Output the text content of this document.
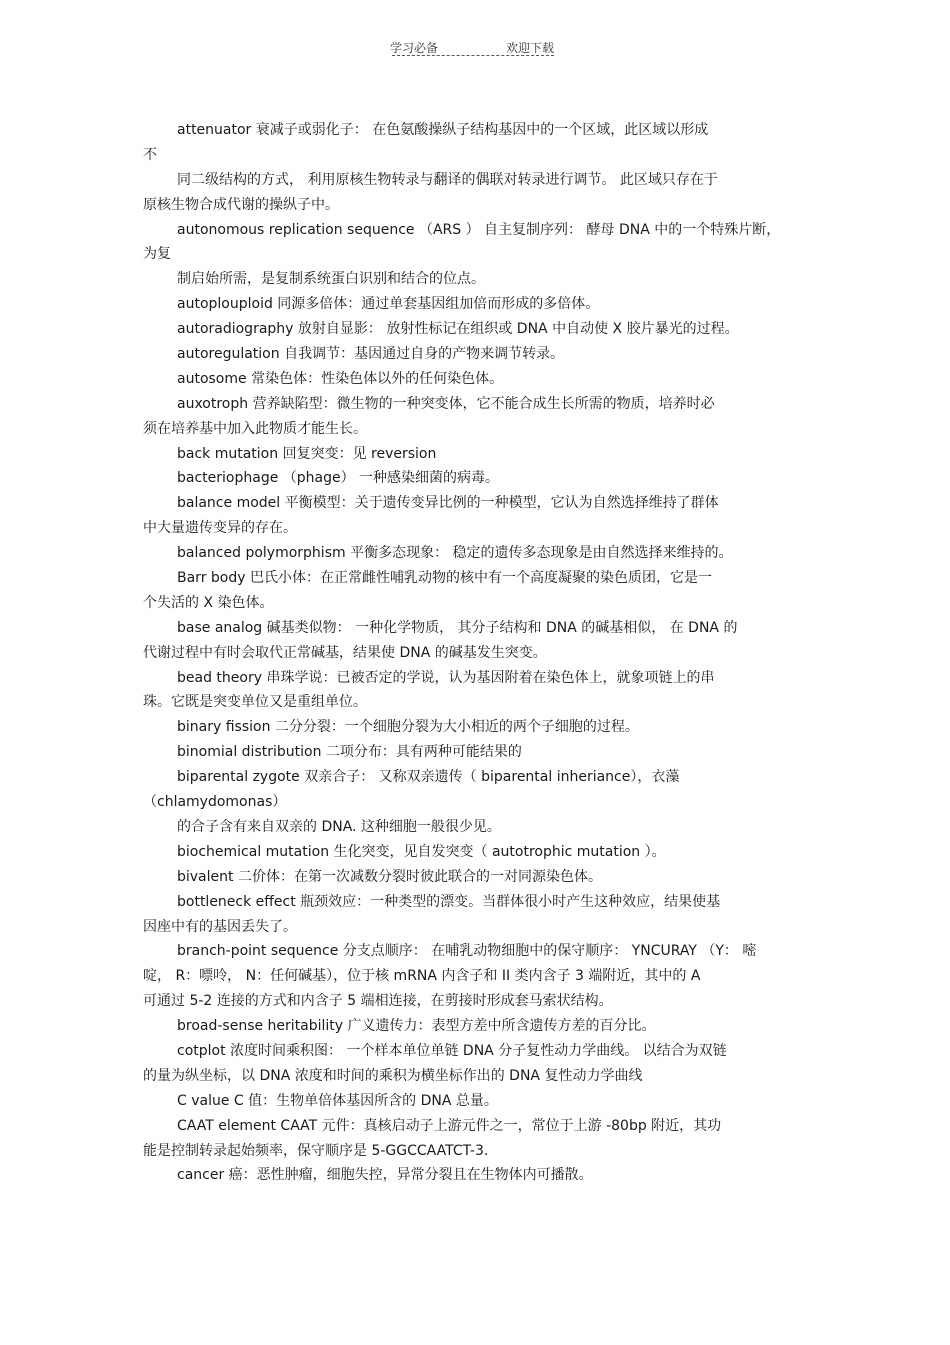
学习必备	欢迎下载
attenuator 衰减子或弱化子： 在色氨酸操纵子结构基因中的一个区域，此区域以形成
不
同二级结构的方式， 利用原核生物转录与翻译的偶联对转录进行调节。 此区域只存在于
原核生物合成代谢的操纵子中。
autonomous replication sequence （ARS ） 自主复制序列： 酵母 DNA 中的一个特殊片断，
为复
制启始所需，是复制系统蛋白识别和结合的位点。
autoplouploid 同源多倍体：通过单套基因组加倍而形成的多倍体。
autoradiography 放射自显影： 放射性标记在组织或 DNA 中自动使 X 胶片暴光的过程。
autoregulation 自我调节：基因通过自身的产物来调节转录。
autosome 常染色体：性染色体以外的任何染色体。
auxotroph 营养缺陷型：微生物的一种突变体，它不能合成生长所需的物质，培养时必
须在培养基中加入此物质才能生长。
back mutation 回复突变：见 reversion
bacteriophage （phage） 一种感染细菌的病毒。
balance model 平衡模型：关于遗传变异比例的一种模型，它认为自然选择维持了群体
中大量遗传变异的存在。
balanced polymorphism 平衡多态现象： 稳定的遗传多态现象是由自然选择来维持的。
Barr body 巴氏小体：在正常雌性哺乳动物的核中有一个高度凝聚的染色质团，它是一
个失活的 X 染色体。
base analog 碱基类似物： 一种化学物质， 其分子结构和 DNA 的碱基相似， 在 DNA 的
代谢过程中有时会取代正常碱基，结果使 DNA 的碱基发生突变。
bead theory 串珠学说：已被否定的学说，认为基因附着在染色体上，就象项链上的串
珠。它既是突变单位又是重组单位。
binary fission 二分分裂：一个细胞分裂为大小相近的两个子细胞的过程。
binomial distribution 二项分布：具有两种可能结果的
biparental zygote 双亲合子： 又称双亲遗传（ biparental inheriance），衣藻
（chlamydomonas）
的合子含有来自双亲的 DNA. 这种细胞一般很少见。
biochemical mutation 生化突变，见自发突变（ autotrophic mutation ）。
bivalent 二价体：在第一次减数分裂时彼此联合的一对同源染色体。
bottleneck effect 瓶颈效应：一种类型的漂变。当群体很小时产生这种效应，结果使基
因座中有的基因丢失了。
branch-point sequence 分支点顺序： 在哺乳动物细胞中的保守顺序： YNCURAY （Y： 嘧
啶， R：嘌呤， N：任何碱基），位于核 mRNA 内含子和 II 类内含子 3 端附近，其中的 A
可通过 5-2 连接的方式和内含子 5 端相连接，在剪接时形成套马索状结构。
broad-sense heritability 广义遗传力：表型方差中所含遗传方差的百分比。
cotplot 浓度时间乘积图： 一个样本单位单链 DNA 分子复性动力学曲线。 以结合为双链
的量为纵坐标，以 DNA 浓度和时间的乘积为横坐标作出的 DNA 复性动力学曲线
C value C 值：生物单倍体基因所含的 DNA 总量。
CAAT element CAAT 元件：真核启动子上游元件之一，常位于上游 -80bp 附近，其功
能是控制转录起始频率，保守顺序是 5-GGCCAATCT-3.
cancer 癌：恶性肿瘤，细胞失控，异常分裂且在生物体内可播散。
